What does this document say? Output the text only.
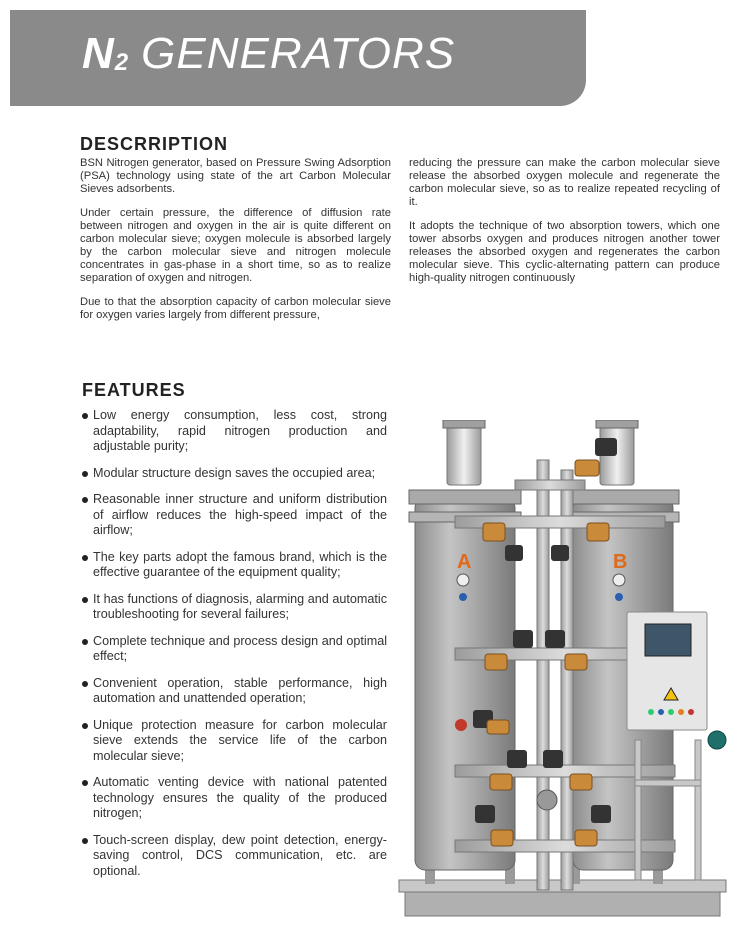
$N_2$ GENERATORS
DESCRRIPTION

BSN Nitrogen generator, based on Pressure Swing Adsorption (PSA) technology using state of the art Carbon Molecular Sieves adsorbents.

Under certain pressure, the difference of diffusion rate between nitrogen and oxygen in the air is quite different on carbon molecular sieve; oxygen molecule is absorbed largely by the carbon molecular sieve and nitrogen molecule concentrates in gas-phase in a short time, so as to realize separation of oxygen and nitrogen.

Due to that the absorption capacity of carbon molecular sieve for oxygen varies largely from different pressure,

reducing the pressure can make the carbon molecular sieve release the absorbed oxygen molecule and regenerate the carbon molecular sieve, so as to realize repeated recycling of it.

It adopts the technique of two absorption towers, which one tower absorbs oxygen and produces nitrogen another tower releases the absorbed oxygen and regenerates the carbon molecular sieve. This cyclic-alternating pattern can produce high-quality nitrogen continuously

FEATURES
Low energy consumption, less cost, strong adaptability, rapid nitrogen production and adjustable purity;
Modular structure design saves the occupied area;
Reasonable inner structure and uniform distribution of airflow reduces the high-speed impact of the airflow;
The key parts adopt the famous brand, which is the effective guarantee of the equipment quality;
It has functions of diagnosis, alarming and automatic troubleshooting for several failures;
Complete technique and process design and optimal effect;
Convenient operation, stable performance, high automation and unattended operation;
Unique protection measure for carbon molecular sieve extends the service life of the carbon molecular sieve;
Automatic venting device with national patented technology ensures the quality of the produced nitrogen;
Touch-screen display, dew point detection, energy-saving control, DCS communication, etc. are optional.
A	B
